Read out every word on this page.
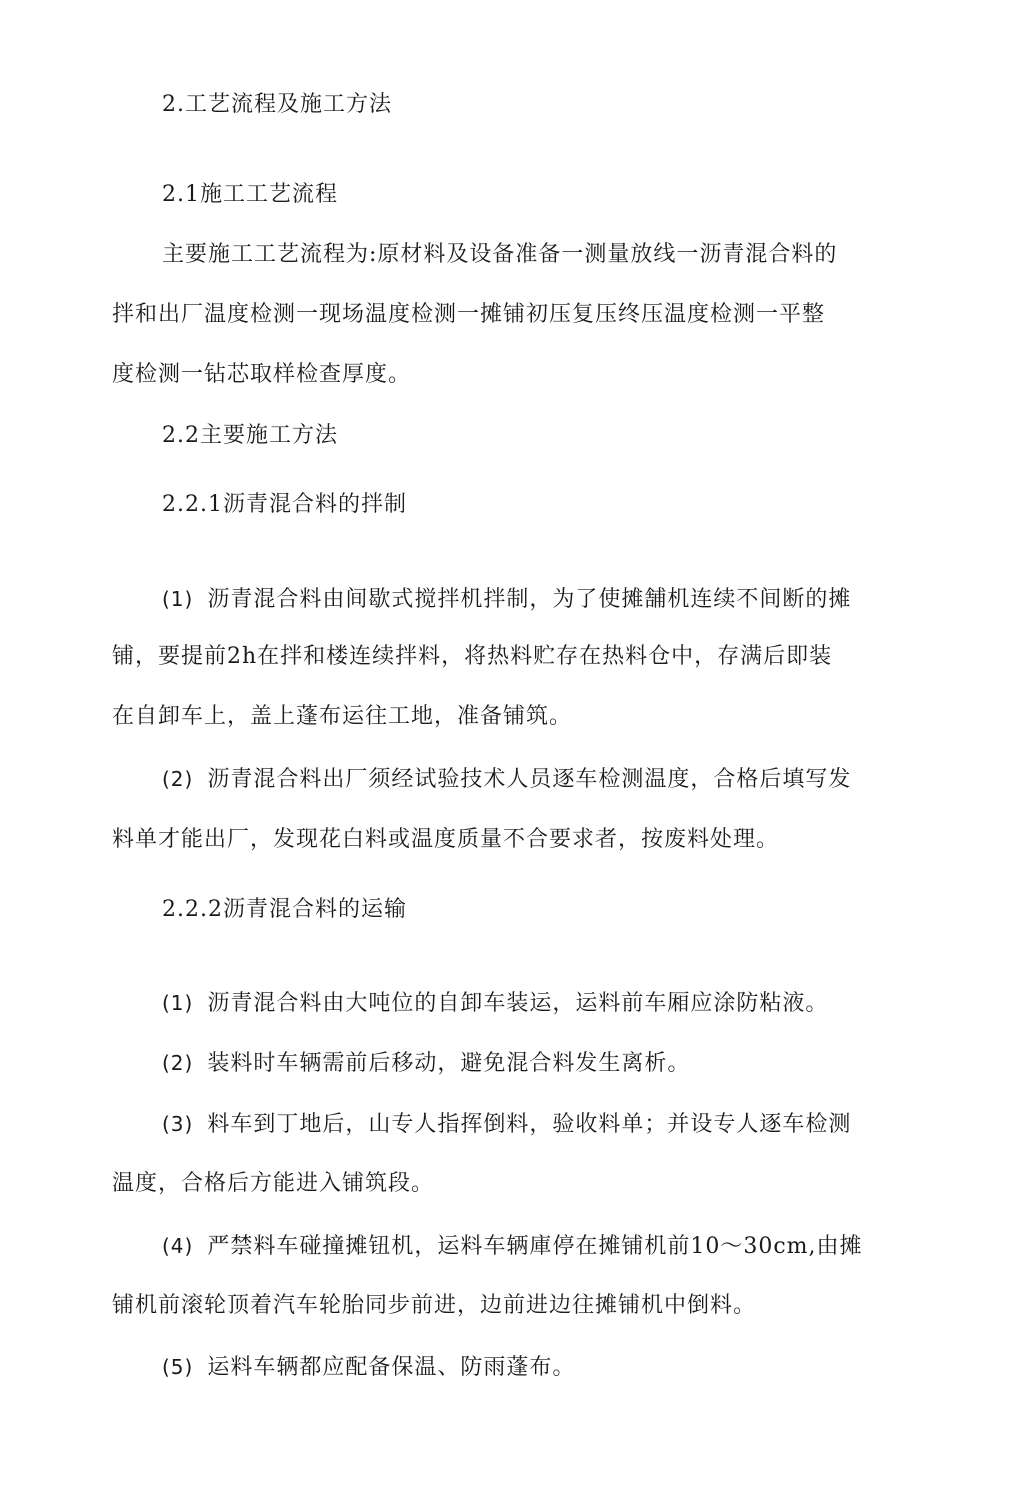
2.工艺流程及施工方法
2.1施工工艺流程
主要施工工艺流程为:原材料及设备准备一测量放线一沥青混合料的
拌和出厂温度检测一现场温度检测一摊铺初压复压终压温度检测一平整
度检测一钻芯取样检查厚度。
2.2主要施工方法
2.2.1沥青混合料的拌制
(1) 沥青混合料由间歇式搅拌机拌制，为了使摊舗机连续不间断的摊
铺，要提前2h在拌和楼连续拌料，将热料贮存在热料仓中，存满后即装
在自卸车上，盖上蓬布运往工地，准备铺筑。
(2) 沥青混合料出厂须经试验技术人员逐车检测温度，合格后填写发
料单才能出厂，发现花白料或温度质量不合要求者，按废料处理。
2.2.2沥青混合料的运输
(1) 沥青混合料由大吨位的自卸车装运，运料前车厢应涂防粘液。
(2) 装料时车辆需前后移动，避免混合料发生离析。
(3) 料车到丁地后，山专人指挥倒料，验收料单；并设专人逐车检测
温度，合格后方能进入铺筑段。
(4) 严禁料车碰撞摊钮机，运料车辆庫停在摊铺机前10～30cm,由摊
铺机前滚轮顶着汽车轮胎同步前进，边前进边往摊铺机中倒料。
(5) 运料车辆都应配备保温、防雨蓬布。
